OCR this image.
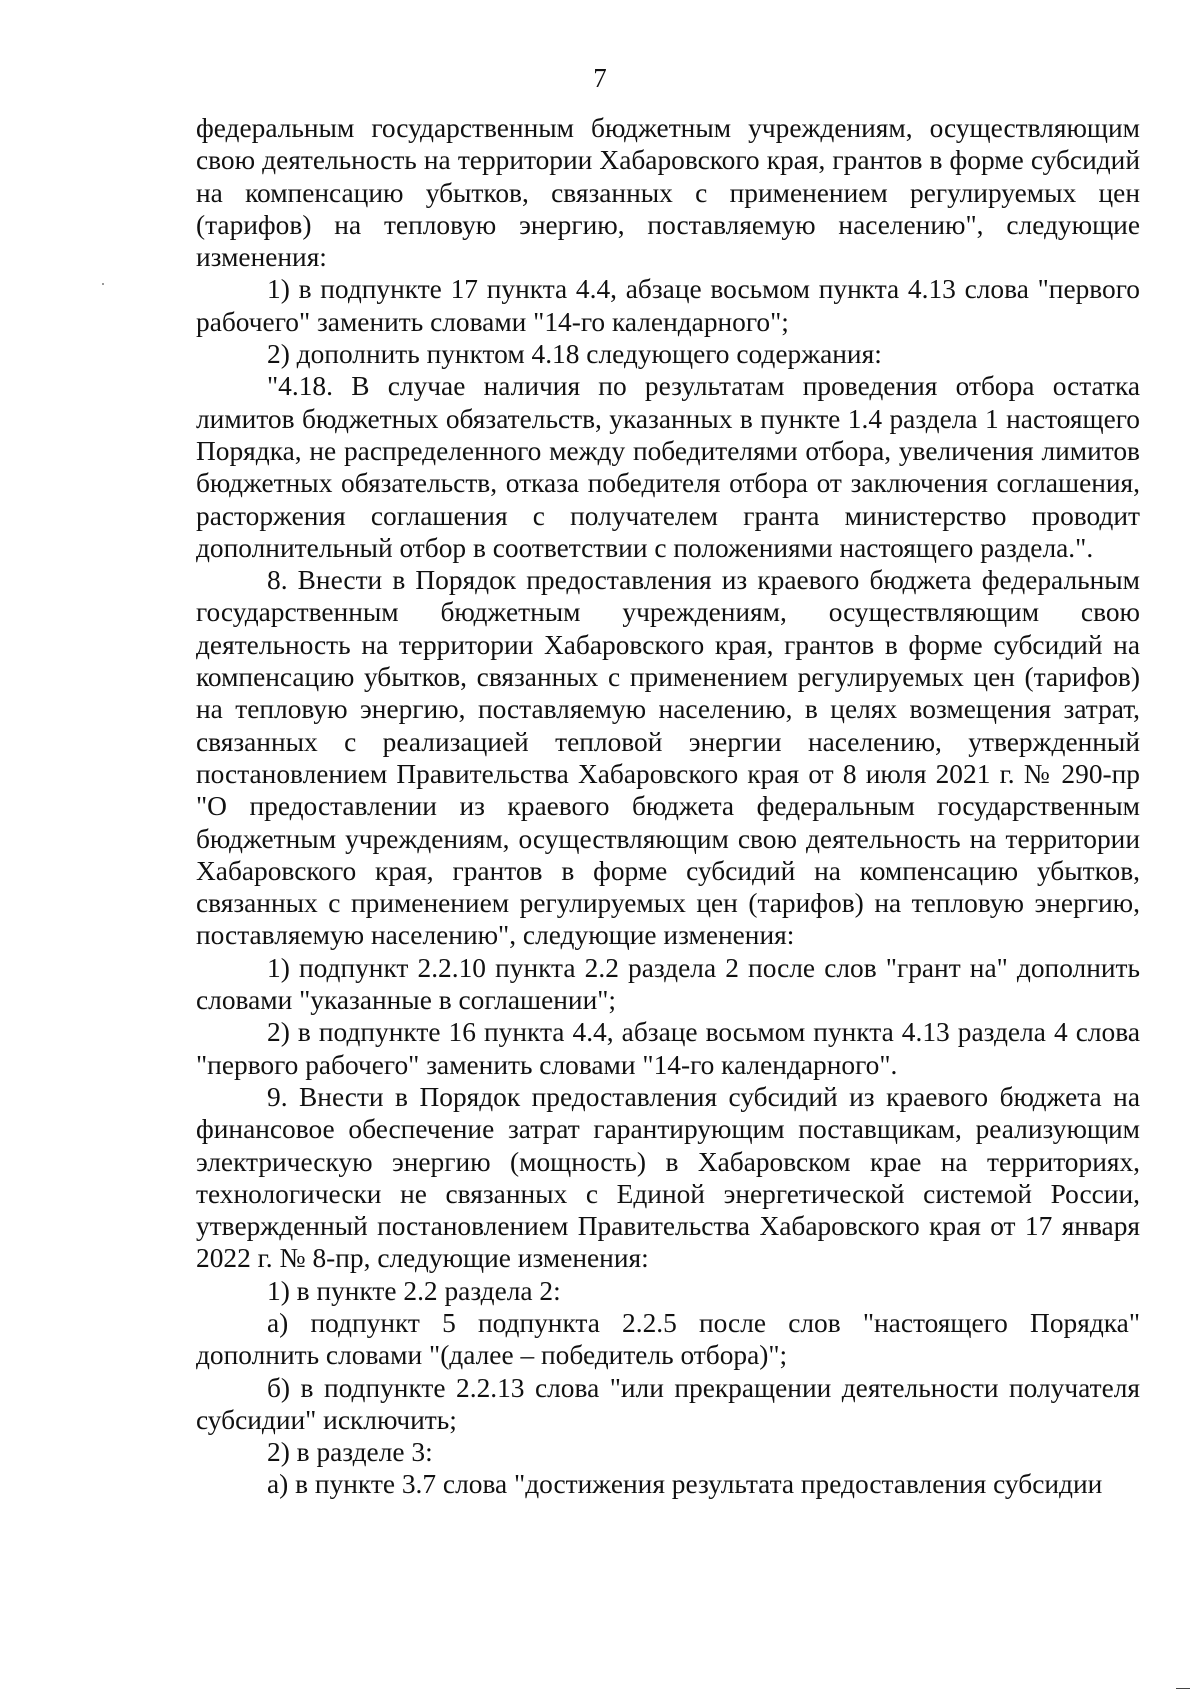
7

федеральным государственным бюджетным учреждениям, осуществляющим свою деятельность на территории Хабаровского края, грантов в форме субсидий на компенсацию убытков, связанных с применением регулируемых цен (тарифов) на тепловую энергию, поставляемую населению", следующие изменения:

1) в подпункте 17 пункта 4.4, абзаце восьмом пункта 4.13 слова "первого рабочего" заменить словами "14-го календарного";

2) дополнить пунктом 4.18 следующего содержания:

"4.18. В случае наличия по результатам проведения отбора остатка лимитов бюджетных обязательств, указанных в пункте 1.4 раздела 1 настоящего Порядка, не распределенного между победителями отбора, увеличения лимитов бюджетных обязательств, отказа победителя отбора от заключения соглашения, расторжения соглашения с получателем гранта министерство проводит дополнительный отбор в соответствии с положениями настоящего раздела.".

8. Внести в Порядок предоставления из краевого бюджета федеральным государственным бюджетным учреждениям, осуществляющим свою деятельность на территории Хабаровского края, грантов в форме субсидий на компенсацию убытков, связанных с применением регулируемых цен (тарифов) на тепловую энергию, поставляемую населению, в целях возмещения затрат, связанных с реализацией тепловой энергии населению, утвержденный постановлением Правительства Хабаровского края от 8 июля 2021 г. № 290-пр "О предоставлении из краевого бюджета федеральным государственным бюджетным учреждениям, осуществляющим свою деятельность на территории Хабаровского края, грантов в форме субсидий на компенсацию убытков, связанных с применением регулируемых цен (тарифов) на тепловую энергию, поставляемую населению", следующие изменения:

1) подпункт 2.2.10 пункта 2.2 раздела 2 после слов "грант на" дополнить словами "указанные в соглашении";

2) в подпункте 16 пункта 4.4, абзаце восьмом пункта 4.13 раздела 4 слова "первого рабочего" заменить словами "14-го календарного".

9. Внести в Порядок предоставления субсидий из краевого бюджета на финансовое обеспечение затрат гарантирующим поставщикам, реализующим электрическую энергию (мощность) в Хабаровском крае на территориях, технологически не связанных с Единой энергетической системой России, утвержденный постановлением Правительства Хабаровского края от 17 января 2022 г. № 8-пр, следующие изменения:

1) в пункте 2.2 раздела 2:

а) подпункт 5 подпункта 2.2.5 после слов "настоящего Порядка" дополнить словами "(далее – победитель отбора)";

б) в подпункте 2.2.13 слова "или прекращении деятельности получателя субсидии" исключить;

2) в разделе 3:

а) в пункте 3.7 слова "достижения результата предоставления субсидии
